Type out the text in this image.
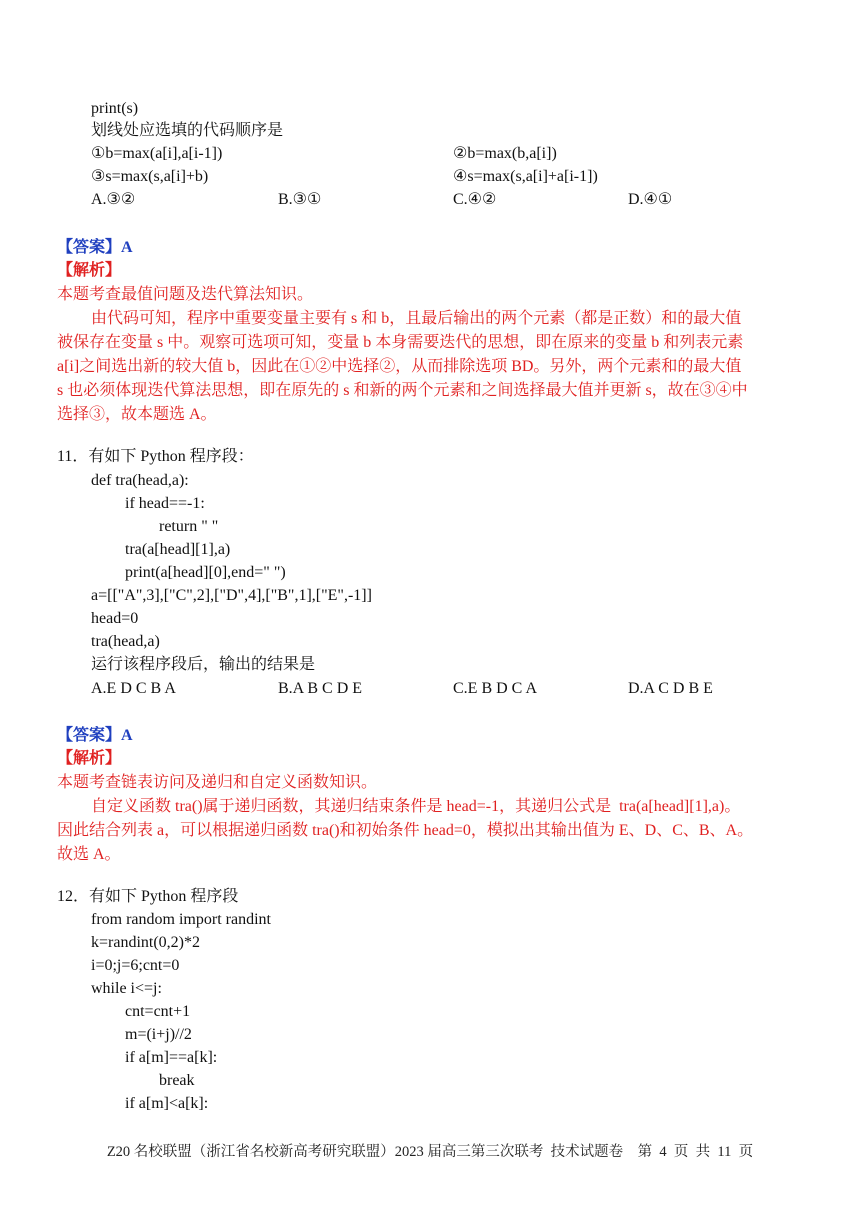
print(s)
划线处应选填的代码顺序是
①b=max(a[i],a[i-1])	②b=max(b,a[i])
③s=max(s,a[i]+b)	④s=max(s,a[i]+a[i-1])
A.③②	B.③①	C.④②	D.④①
【答案】A
【解析】
本题考查最值问题及迭代算法知识。
由代码可知，程序中重要变量主要有 s 和 b，且最后输出的两个元素（都是正数）和的最大值
被保存在变量 s 中。观察可选项可知，变量 b 本身需要迭代的思想，即在原来的变量 b 和列表元素
a[i]之间选出新的较大值 b，因此在①②中选择②，从而排除选项 BD。另外，两个元素和的最大值
s 也必须体现迭代算法思想，即在原先的 s 和新的两个元素和之间选择最大值并更新 s，故在③④中
选择③，故本题选 A。
11．有如下 Python 程序段：
def tra(head,a):
if head==-1:
return " "
tra(a[head][1],a)
print(a[head][0],end=" ")
a=[["A",3],["C",2],["D",4],["B",1],["E",-1]]
head=0
tra(head,a)
运行该程序段后，输出的结果是
A.E D C B A	B.A B C D E	C.E B D C A	D.A C D B E
【答案】A
【解析】
本题考查链表访问及递归和自定义函数知识。
自定义函数 tra()属于递归函数，其递归结束条件是 head=-1，其递归公式是  tra(a[head][1],a)。
因此结合列表 a，可以根据递归函数 tra()和初始条件 head=0，模拟出其输出值为 E、D、C、B、A。
故选 A。
12．有如下 Python 程序段
from random import randint
k=randint(0,2)*2
i=0;j=6;cnt=0
while i<=j:
cnt=cnt+1
m=(i+j)//2
if a[m]==a[k]:
break
if a[m]<a[k]:
Z20 名校联盟（浙江省名校新高考研究联盟）2023 届高三第三次联考  技术试题卷    第  4  页  共  11  页
